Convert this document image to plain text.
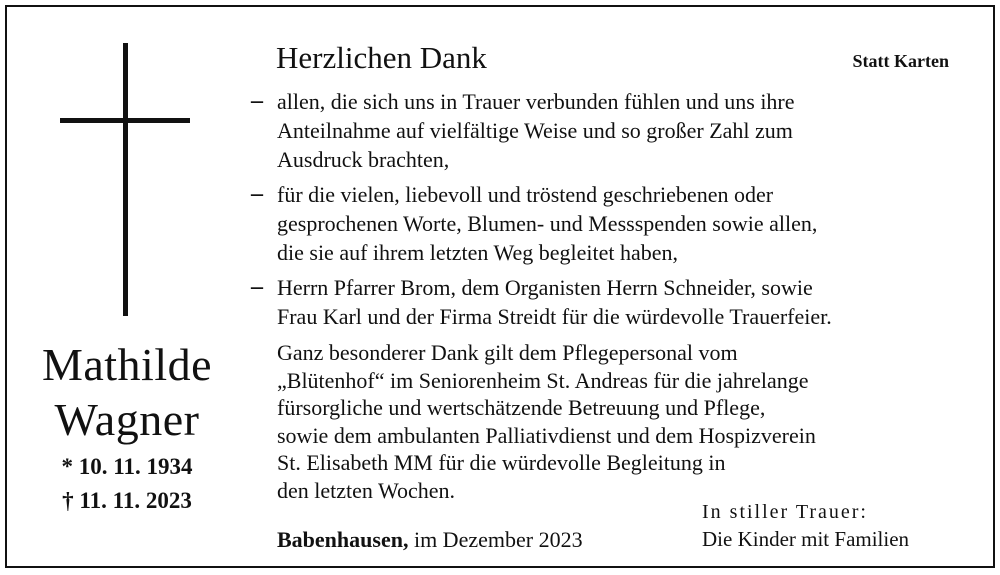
Mathilde
Wagner
* 10. 11. 1934
† 11. 11. 2023
Herzlichen Dank	Statt Karten
– allen, die sich uns in Trauer verbunden fühlen und uns ihre
Anteilnahme auf vielfältige Weise und so großer Zahl zum
Ausdruck brachten,
– für die vielen, liebevoll und tröstend geschriebenen oder
gesprochenen Worte, Blumen- und Messspenden sowie allen,
die sie auf ihrem letzten Weg begleitet haben,
– Herrn Pfarrer Brom, dem Organisten Herrn Schneider, sowie
Frau Karl und der Firma Streidt für die würdevolle Trauerfeier.
Ganz besonderer Dank gilt dem Pflegepersonal vom
„Blütenhof“ im Seniorenheim St. Andreas für die jahrelange
fürsorgliche und wertschätzende Betreuung und Pflege,
sowie dem ambulanten Palliativdienst und dem Hospizverein
St. Elisabeth MM für die würdevolle Begleitung in
den letzten Wochen.
Babenhausen, im Dezember 2023
In stiller Trauer:
Die Kinder mit Familien
